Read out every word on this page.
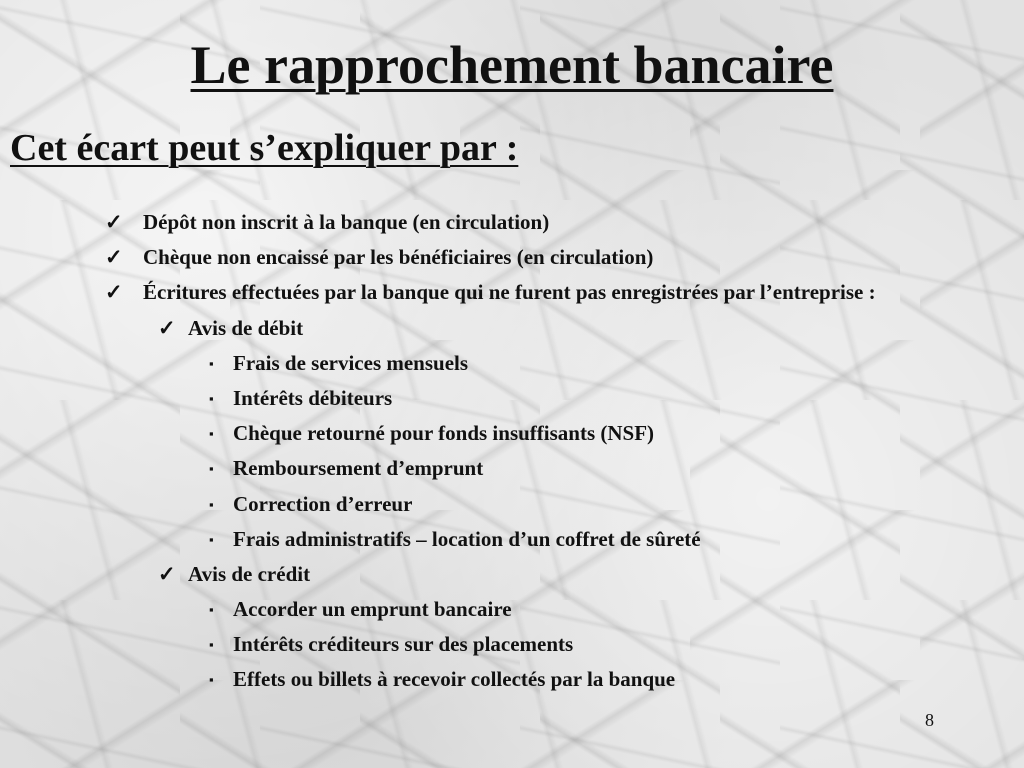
Le rapprochement bancaire
Cet écart peut s’expliquer par :
✓ Dépôt non inscrit à la banque (en circulation)
✓ Chèque non encaissé par les bénéficiaires (en circulation)
✓ Écritures effectuées par la banque qui ne furent pas enregistrées par l’entreprise :
✓ Avis de débit
▪ Frais de services mensuels
▪ Intérêts débiteurs
▪ Chèque retourné pour fonds insuffisants (NSF)
▪ Remboursement d’emprunt
▪ Correction d’erreur
▪ Frais administratifs – location d’un coffret de sûreté
✓ Avis de crédit
▪ Accorder un emprunt bancaire
▪ Intérêts créditeurs sur des placements
▪ Effets ou billets à recevoir collectés par la banque
8
